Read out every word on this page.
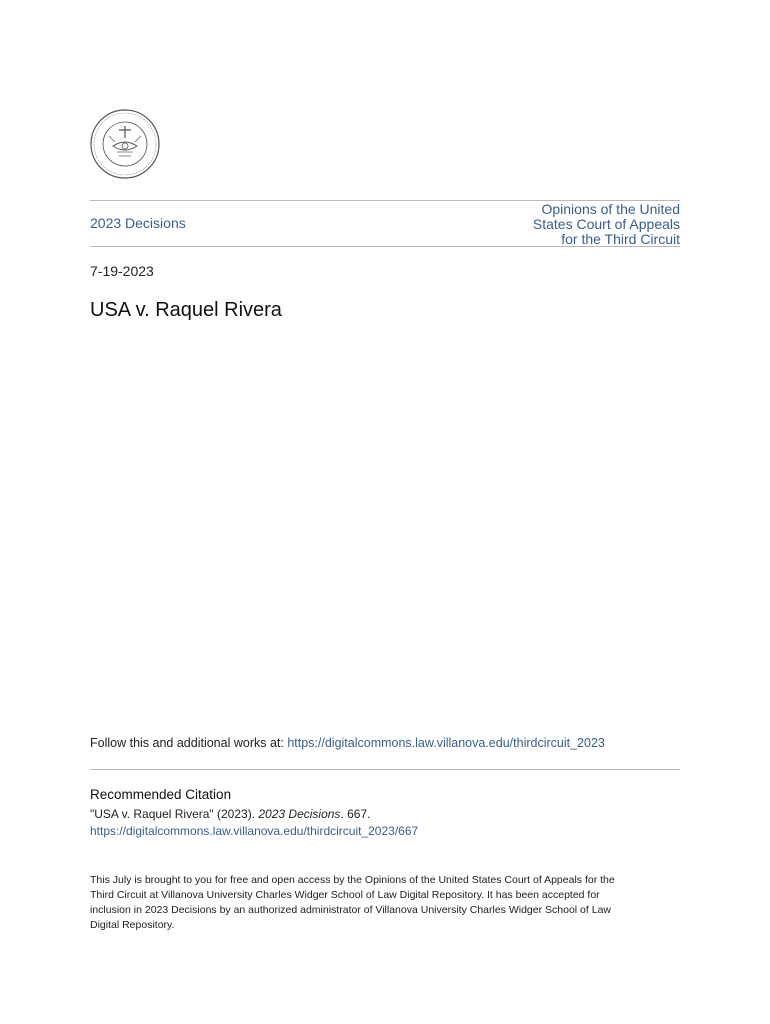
2023 Decisions
Opinions of the United
States Court of Appeals
for the Third Circuit
7-19-2023
USA v. Raquel Rivera
Follow this and additional works at: https://digitalcommons.law.villanova.edu/thirdcircuit_2023
Recommended Citation
"USA v. Raquel Rivera" (2023). 2023 Decisions. 667.
https://digitalcommons.law.villanova.edu/thirdcircuit_2023/667
This July is brought to you for free and open access by the Opinions of the United States Court of Appeals for the
Third Circuit at Villanova University Charles Widger School of Law Digital Repository. It has been accepted for
inclusion in 2023 Decisions by an authorized administrator of Villanova University Charles Widger School of Law
Digital Repository.
